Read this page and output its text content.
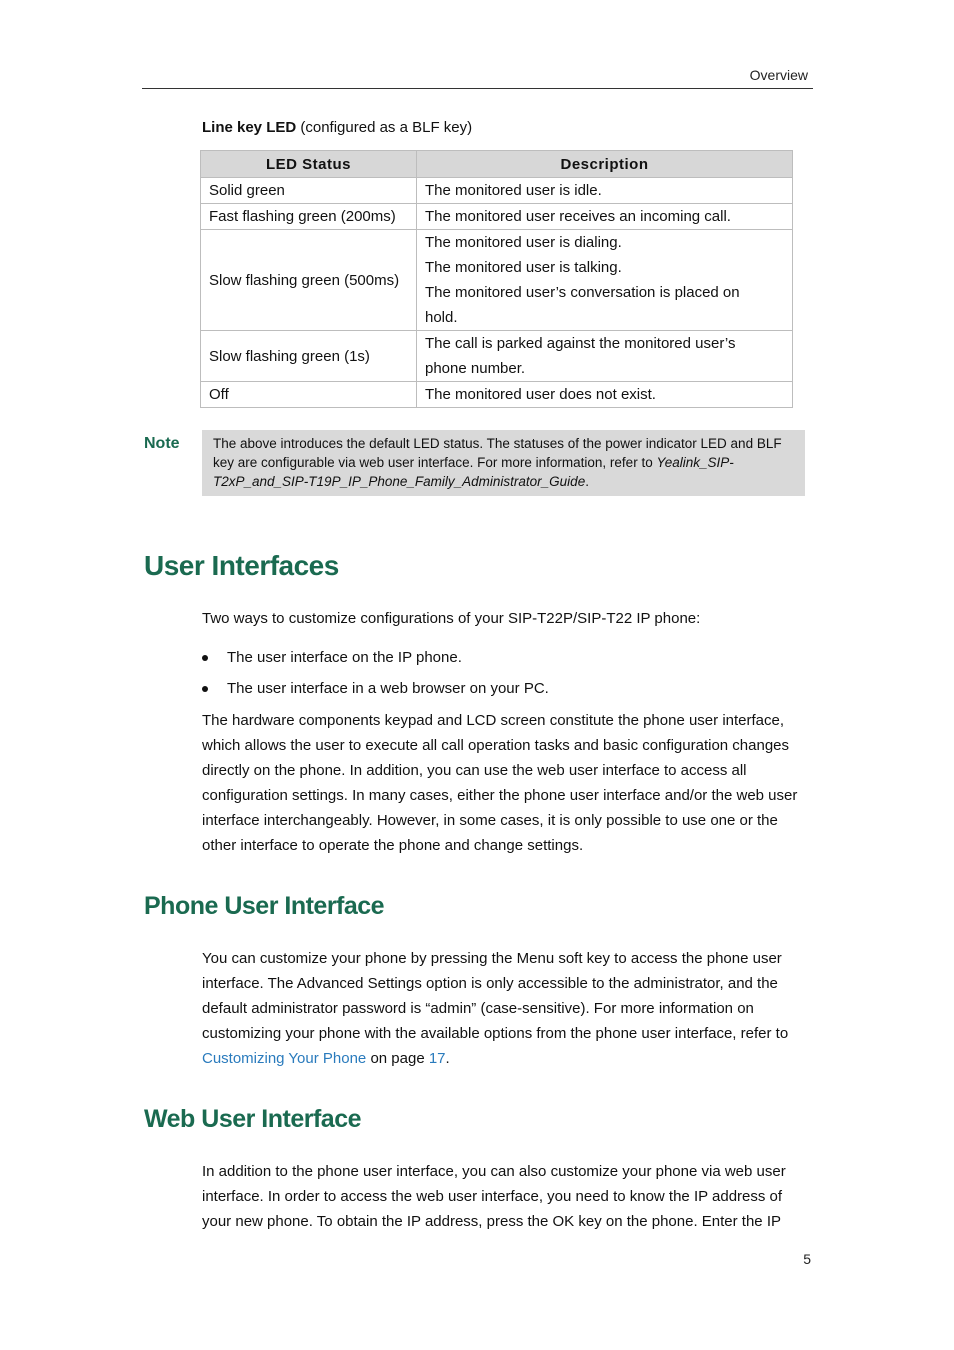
Overview
Line key LED (configured as a BLF key)
LED Status	Description
Solid green	The monitored user is idle.

Fast flashing green (200ms)	The monitored user receives an incoming call.

Slow flashing green (500ms)	The monitored user is dialing.
The monitored user is talking.
The monitored user’s conversation is placed on
hold.

Slow flashing green (1s)	The call is parked against the monitored user’s
phone number.

Off	The monitored user does not exist.
Note	The above introduces the default LED status. The statuses of the power indicator LED and BLF key are configurable via web user interface. For more information, refer to Yealink_SIP-T2xP_and_SIP-T19P_IP_Phone_Family_Administrator_Guide.
User Interfaces

Two ways to customize configurations of your SIP-T22P/SIP-T22 IP phone:

The user interface on the IP phone.
The user interface in a web browser on your PC.

The hardware components keypad and LCD screen constitute the phone user interface, which allows the user to execute all call operation tasks and basic configuration changes directly on the phone. In addition, you can use the web user interface to access all configuration settings. In many cases, either the phone user interface and/or the web user interface interchangeably. However, in some cases, it is only possible to use one or the other interface to operate the phone and change settings.

Phone User Interface

You can customize your phone by pressing the Menu soft key to access the phone user interface. The Advanced Settings option is only accessible to the administrator, and the default administrator password is “admin” (case-sensitive). For more information on customizing your phone with the available options from the phone user interface, refer to Customizing Your Phone on page 17.

Web User Interface

In addition to the phone user interface, you can also customize your phone via web user interface. In order to access the web user interface, you need to know the IP address of your new phone. To obtain the IP address, press the OK key on the phone. Enter the IP

5
